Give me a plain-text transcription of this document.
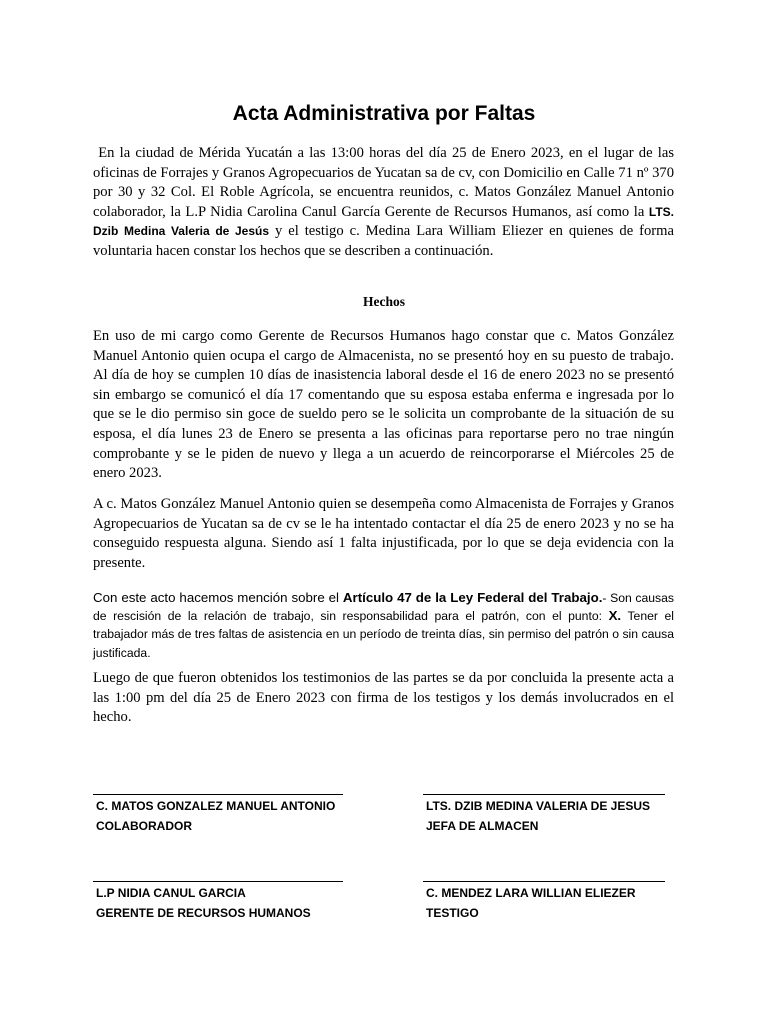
Acta Administrativa por Faltas

En la ciudad de Mérida Yucatán a las 13:00 horas del día 25 de Enero 2023, en el lugar de las oficinas de Forrajes y Granos Agropecuarios de Yucatan sa de cv, con Domicilio en Calle 71 nº 370 por 30 y 32 Col. El Roble Agrícola, se encuentra reunidos, c. Matos González Manuel Antonio colaborador, la L.P Nidia Carolina Canul García Gerente de Recursos Humanos, así como la LTS. Dzib Medina Valeria de Jesús y el testigo c. Medina Lara William Eliezer en quienes de forma voluntaria hacen constar los hechos que se describen a continuación.

Hechos

En uso de mi cargo como Gerente de Recursos Humanos hago constar que c. Matos González Manuel Antonio quien ocupa el cargo de Almacenista, no se presentó hoy en su puesto de trabajo. Al día de hoy se cumplen 10 días de inasistencia laboral desde el 16 de enero 2023 no se presentó sin embargo se comunicó el día 17 comentando que su esposa estaba enferma e ingresada por lo que se le dio permiso sin goce de sueldo pero se le solicita un comprobante de la situación de su esposa, el día lunes 23 de Enero se presenta a las oficinas para reportarse pero no trae ningún comprobante y se le piden de nuevo y llega a un acuerdo de reincorporarse el Miércoles 25 de enero 2023.

A c. Matos González Manuel Antonio quien se desempeña como Almacenista de Forrajes y Granos Agropecuarios de Yucatan sa de cv se le ha intentado contactar el día 25 de enero 2023 y no se ha conseguido respuesta alguna. Siendo así 1 falta injustificada, por lo que se deja evidencia con la presente.

Con este acto hacemos mención sobre el Artículo 47 de la Ley Federal del Trabajo.- Son causas de rescisión de la relación de trabajo, sin responsabilidad para el patrón, con el punto: X. Tener el trabajador más de tres faltas de asistencia en un período de treinta días, sin permiso del patrón o sin causa justificada.

Luego de que fueron obtenidos los testimonios de las partes se da por concluida la presente acta a las 1:00 pm del día 25 de Enero 2023 con firma de los testigos y los demás involucrados en el hecho.

C. MATOS GONZALEZ MANUEL ANTONIO
COLABORADOR
LTS. DZIB MEDINA VALERIA DE JESUS
JEFA DE ALMACEN
L.P NIDIA CANUL GARCIA
GERENTE DE RECURSOS HUMANOS
C. MENDEZ LARA WILLIAN ELIEZER
TESTIGO
